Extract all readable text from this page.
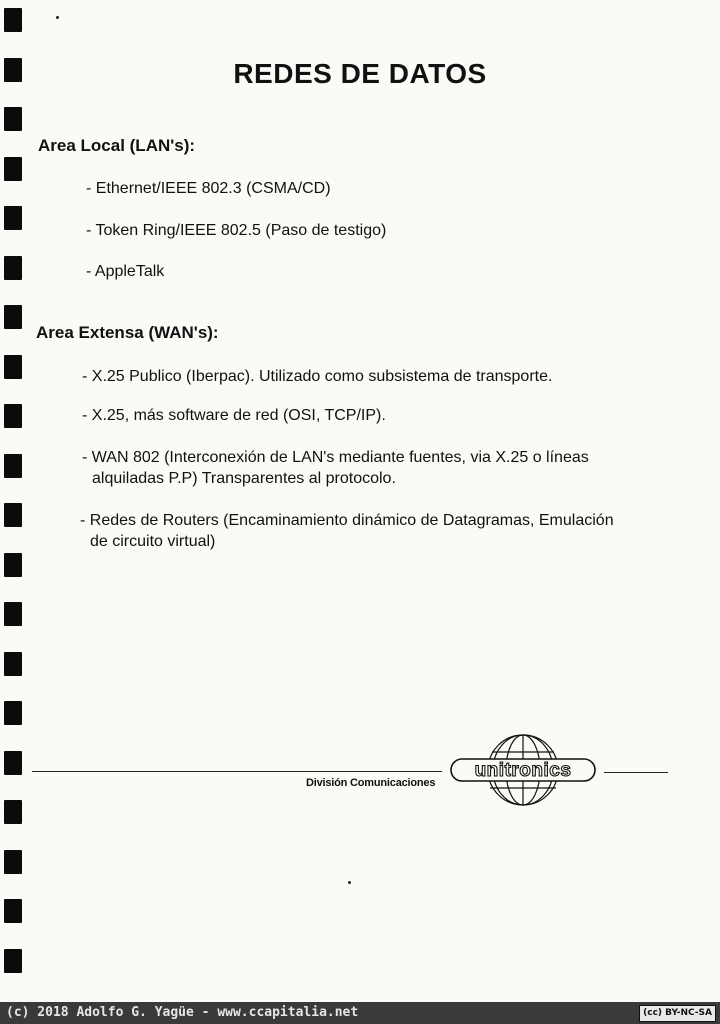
REDES DE DATOS
Area Local (LAN's):
- Ethernet/IEEE 802.3 (CSMA/CD)
- Token Ring/IEEE 802.5 (Paso de testigo)
- AppleTalk
Area Extensa (WAN's):
- X.25 Publico (Iberpac). Utilizado como subsistema de transporte.
- X.25, más software de red (OSI, TCP/IP).
- WAN 802 (Interconexión de LAN's mediante fuentes, via X.25 o líneas
alquiladas P.P) Transparentes al protocolo.
- Redes de Routers (Encaminamiento dinámico de Datagramas, Emulación
de circuito virtual)
División Comunicaciones
unitronics
(c) 2018 Adolfo G. Yagüe - www.ccapitalia.net	(cc) BY-NC-SA
